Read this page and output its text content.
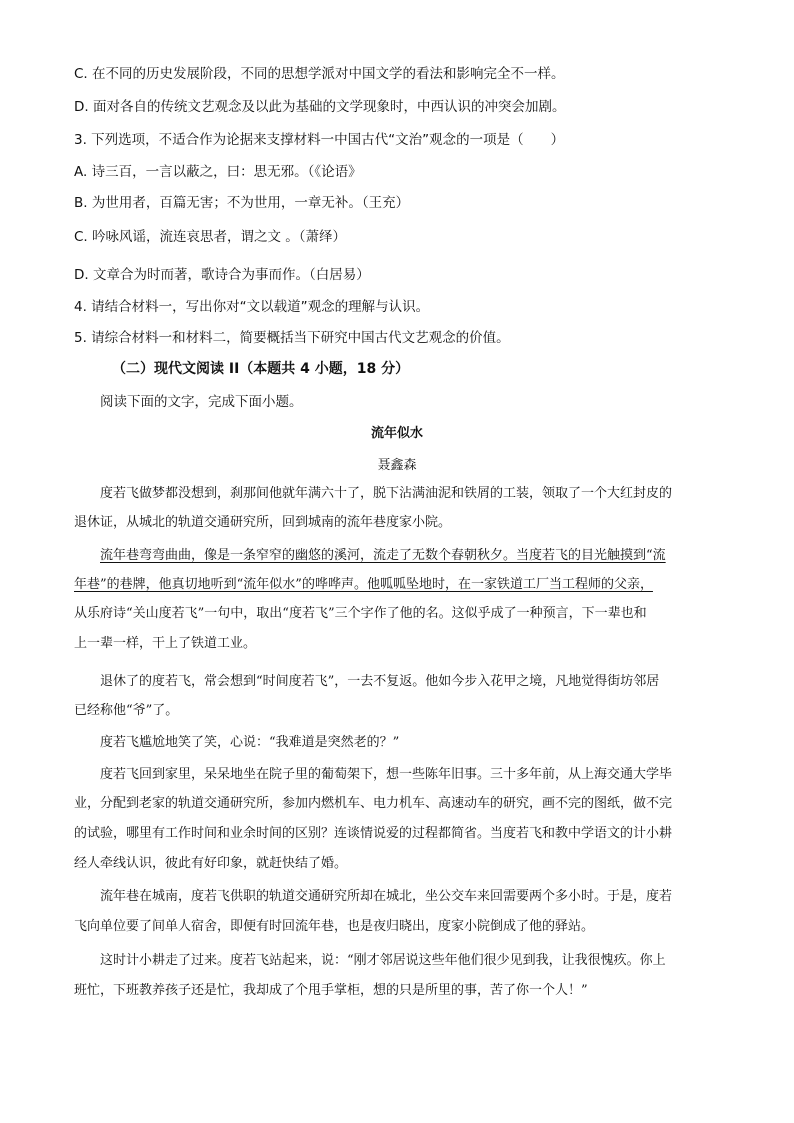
C. 在不同的历史发展阶段，不同的思想学派对中国文学的看法和影响完全不一样。
D. 面对各自的传统文艺观念及以此为基础的文学现象时，中西认识的冲突会加剧。
3. 下列选项，不适合作为论据来支撑材料一中国古代“文治”观念的一项是（　　）
A. 诗三百，一言以蔽之，曰：思无邪。（《论语》
B. 为世用者，百篇无害；不为世用，一章无补。（王充）
C. 吟咏风谣，流连哀思者，谓之文 。（萧绎）
D. 文章合为时而著，歌诗合为事而作。（白居易）
4. 请结合材料一，写出你对“文以载道”观念的理解与认识。
5. 请综合材料一和材料二，简要概括当下研究中国古代文艺观念的价值。
（二）现代文阅读 II（本题共 4 小题，18 分）
阅读下面的文字，完成下面小题。
流年似水
聂鑫森
度若飞做梦都没想到，刹那间他就年满六十了，脱下沾满油泥和铁屑的工装，领取了一个大红封皮的
退休证，从城北的轨道交通研究所，回到城南的流年巷度家小院。
流年巷弯弯曲曲，像是一条窄窄的幽悠的溪河，流走了无数个春朝秋夕。当度若飞的目光触摸到“流
年巷”的巷牌，他真切地听到“流年似水”的哗哗声。他呱呱坠地时，在一家铁道工厂当工程师的父亲，
从乐府诗“关山度若飞”一句中，取出“度若飞”三个字作了他的名。这似乎成了一种预言，下一辈也和
上一辈一样，干上了铁道工业。
退休了的度若飞，常会想到“时间度若飞”，一去不复返。他如今步入花甲之境，凡地觉得街坊邻居
已经称他“爷”了。
度若飞尴尬地笑了笑，心说：“我难道是突然老的？”
度若飞回到家里，呆呆地坐在院子里的葡萄架下，想一些陈年旧事。三十多年前，从上海交通大学毕
业，分配到老家的轨道交通研究所，参加内燃机车、电力机车、高速动车的研究，画不完的图纸，做不完
的试验，哪里有工作时间和业余时间的区别？连谈情说爱的过程都简省。当度若飞和教中学语文的计小耕
经人牵线认识，彼此有好印象，就赶快结了婚。
流年巷在城南，度若飞供职的轨道交通研究所却在城北，坐公交车来回需要两个多小时。于是，度若
飞向单位要了间单人宿舍，即便有时回流年巷，也是夜归晓出，度家小院倒成了他的驿站。
这时计小耕走了过来。度若飞站起来，说：“刚才邻居说这些年他们很少见到我，让我很愧疚。你上
班忙，下班教养孩子还是忙，我却成了个甩手掌柜，想的只是所里的事，苦了你一个人！”
